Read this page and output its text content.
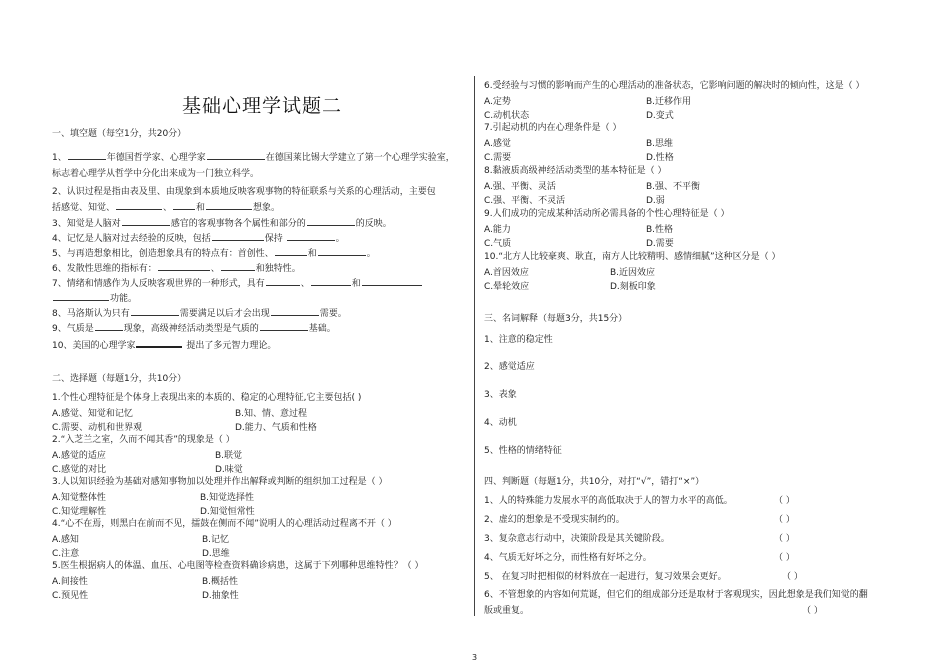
基础心理学试题二
一、填空题（每空1分，共20分）
1、	年德国哲学家、心理学家	在德国莱比锡大学建立了第一个心理学实验室，
标志着心理学从哲学中分化出来成为一门独立科学。
2、认识过程是指由表及里、由现象到本质地反映客观事物的特征联系与关系的心理活动，主要包
括感觉、知觉、	、	和	想象。
3、知觉是人脑对	感官的客观事物各个属性和部分的	的反映。
4、记忆是人脑对过去经验的反映，包括	保持	。
5、与再造想象相比，创造想象具有的特点有：首创性、	和	。
6、发散性思维的指标有：	、	和独特性。
7、情绪和情感作为人反映客观世界的一种形式，具有	、	和
功能。
8、马洛斯认为只有	需要满足以后才会出现	需要。
9、气质是	现象，高级神经活动类型是气质的	基础。
10、美国的心理学家	提出了多元智力理论。
二、选择题（每题1分，共10分）
1.个性心理特征是个体身上表现出来的本质的、稳定的心理特征,它主要包括( )
A.感觉、知觉和记忆	B.知、情、意过程
C.需要、动机和世界观	D.能力、气质和性格
2.“入芝兰之室，久而不闻其香”的现象是（ ）
A.感觉的适应	B.联觉
C.感觉的对比	D.味觉
3.人以知识经验为基础对感知事物加以处理并作出解释或判断的组织加工过程是（ ）
A.知觉整体性	B.知觉选择性
C.知觉理解性	D.知觉恒常性
4.“心不在焉，则黑白在前而不见，擂鼓在侧而不闻”说明人的心理活动过程离不开（ ）
A.感知	B.记忆
C.注意	D.思维
5.医生根据病人的体温、血压、心电图等检查资料确诊病患，这属于下列哪种思维特性？（ ）
A.间接性	B.概括性
C.预见性	D.抽象性
6.受经验与习惯的影响而产生的心理活动的准备状态，它影响问题的解决时的倾向性，这是（ ）
A.定势	B.迁移作用
C.动机状态	D.变式
7.引起动机的内在心理条件是（ ）
A.感觉	B.思维
C.需要	D.性格
8.黏液质高级神经活动类型的基本特征是（ ）
A.强、平衡、灵活	B.强、不平衡
C.强、平衡、不灵活	D.弱
9.人们成功的完成某种活动所必需具备的个性心理特征是（ ）
A.能力	B.性格
C.气质	D.需要
10.“北方人比较豪爽、耿直，南方人比较精明、感情细腻”这种区分是（ ）
A.首因效应	B.近因效应
C.晕轮效应	D.刻板印象
三、名词解释（每题3分，共15分）
1、注意的稳定性
2、感觉适应
3、表象
4、动机
5、性格的情绪特征
四、判断题（每题1分，共10分，对打“√”，错打“×”）
1、人的特殊能力发展水平的高低取决于人的智力水平的高低。	（ ）
2、虚幻的想象是不受现实制约的。	（ ）
3、复杂意志行动中，决策阶段是其关键阶段。	（ ）
4、气质无好坏之分，而性格有好坏之分。	（ ）
5、 在复习时把相似的材料放在一起进行，复习效果会更好。	（ ）
6、不管想象的内容如何荒诞，但它们的组成部分还是取材于客观现实，因此想象是我们知觉的翻
版或重复。	（ ）
3
